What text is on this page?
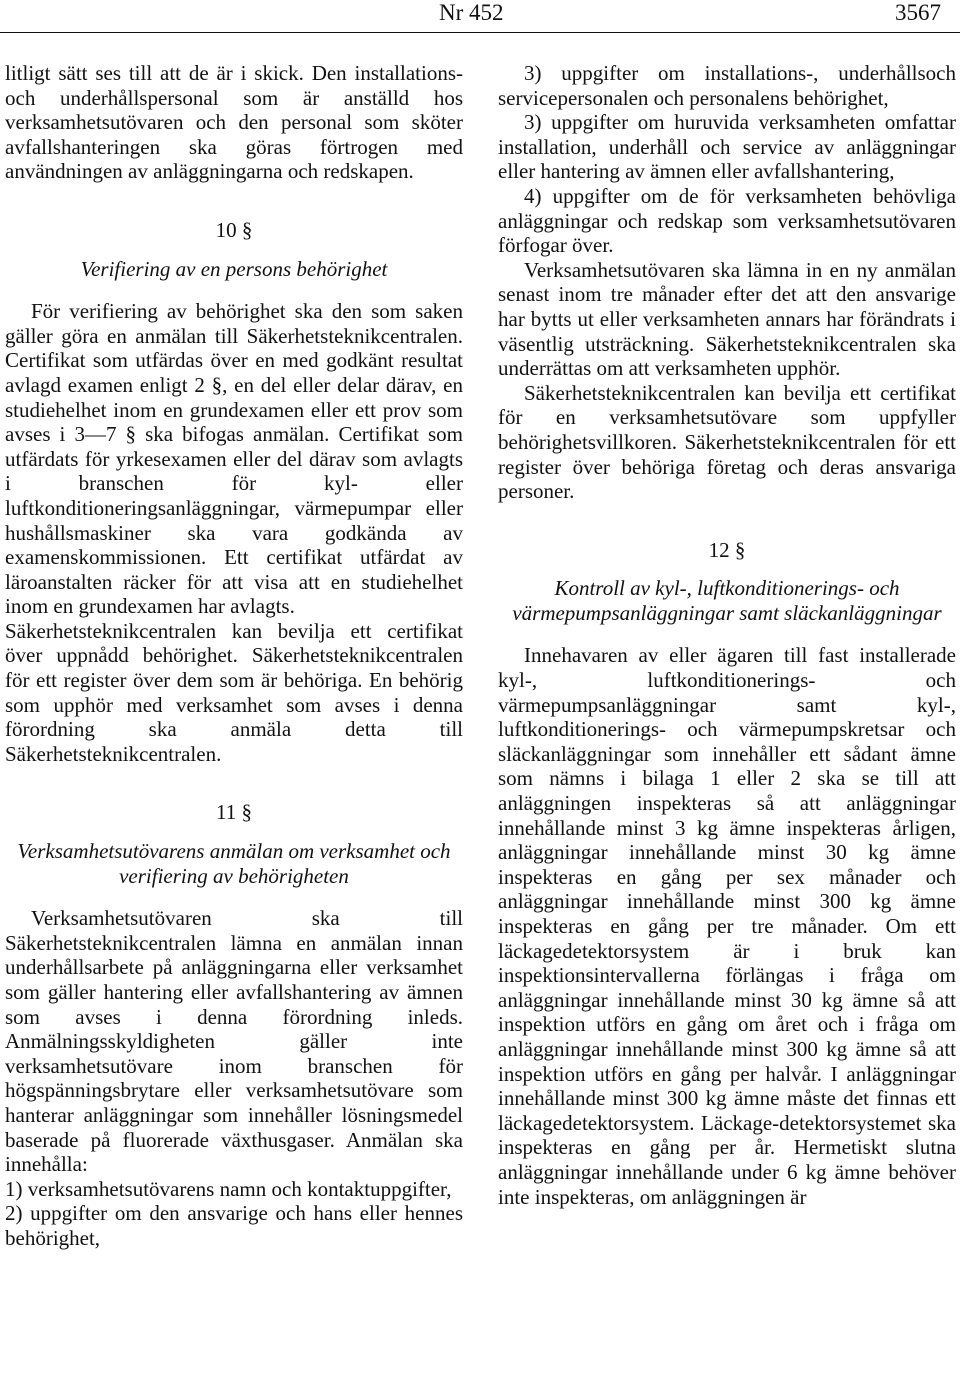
Nr 452	3567

litligt sätt ses till att de är i skick. Den installations- och underhållspersonal som är anställd hos verksamhetsutövaren och den personal som sköter avfallshanteringen ska göras förtrogen med användningen av anläggningarna och redskapen.

10 §

Verifiering av en persons behörighet

För verifiering av behörighet ska den som saken gäller göra en anmälan till Säkerhetsteknikcentralen. Certifikat som utfärdas över en med godkänt resultat avlagd examen enligt 2 §, en del eller delar därav, en studiehelhet inom en grundexamen eller ett prov som avses i 3—7 § ska bifogas anmälan. Certifikat som utfärdats för yrkesexamen eller del därav som avlagts i branschen för kyl- eller luftkonditioneringsanläggningar, värmepumpar eller hushållsmaskiner ska vara godkända av examenskommissionen. Ett certifikat utfärdat av läroanstalten räcker för att visa att en studiehelhet inom en grundexamen har avlagts.

Säkerhetsteknikcentralen kan bevilja ett certifikat över uppnådd behörighet. Säkerhetsteknikcentralen för ett register över dem som är behöriga. En behörig som upphör med verksamhet som avses i denna förordning ska anmäla detta till Säkerhetsteknikcentralen.

11 §

Verksamhetsutövarens anmälan om verksamhet och verifiering av behörigheten

Verksamhetsutövaren ska till Säkerhetsteknikcentralen lämna en anmälan innan underhållsarbete på anläggningarna eller verksamhet som gäller hantering eller avfallshantering av ämnen som avses i denna förordning inleds. Anmälningsskyldigheten gäller inte verksamhetsutövare inom branschen för högspänningsbrytare eller verksamhetsutövare som hanterar anläggningar som innehåller lösningsmedel baserade på fluorerade växthusgaser. Anmälan ska innehålla:

1) verksamhetsutövarens namn och kontaktuppgifter,

2) uppgifter om den ansvarige och hans eller hennes behörighet,

3) uppgifter om installations-, underhållsoch servicepersonalen och personalens behörighet,

3) uppgifter om huruvida verksamheten omfattar installation, underhåll och service av anläggningar eller hantering av ämnen eller avfallshantering,

4) uppgifter om de för verksamheten behövliga anläggningar och redskap som verksamhetsutövaren förfogar över.

Verksamhetsutövaren ska lämna in en ny anmälan senast inom tre månader efter det att den ansvarige har bytts ut eller verksamheten annars har förändrats i väsentlig utsträckning. Säkerhetsteknikcentralen ska underrättas om att verksamheten upphör.

Säkerhetsteknikcentralen kan bevilja ett certifikat för en verksamhetsutövare som uppfyller behörighetsvillkoren. Säkerhetsteknikcentralen för ett register över behöriga företag och deras ansvariga personer.

12 §

Kontroll av kyl-, luftkonditionerings- och värmepumpsanläggningar samt släckanläggningar

Innehavaren av eller ägaren till fast installerade kyl-, luftkonditionerings- och värmepumpsanläggningar samt kyl-, luftkonditionerings- och värmepumpskretsar och släckanläggningar som innehåller ett sådant ämne som nämns i bilaga 1 eller 2 ska se till att anläggningen inspekteras så att anläggningar innehållande minst 3 kg ämne inspekteras årligen, anläggningar innehållande minst 30 kg ämne inspekteras en gång per sex månader och anläggningar innehållande minst 300 kg ämne inspekteras en gång per tre månader. Om ett läckagedetektorsystem är i bruk kan inspektionsintervallerna förlängas i fråga om anläggningar innehållande minst 30 kg ämne så att inspektion utförs en gång om året och i fråga om anläggningar innehållande minst 300 kg ämne så att inspektion utförs en gång per halvår. I anläggningar innehållande minst 300 kg ämne måste det finnas ett läckagedetektorsystem. Läckage-detektorsystemet ska inspekteras en gång per år. Hermetiskt slutna anläggningar innehållande under 6 kg ämne behöver inte inspekteras, om anläggningen är
